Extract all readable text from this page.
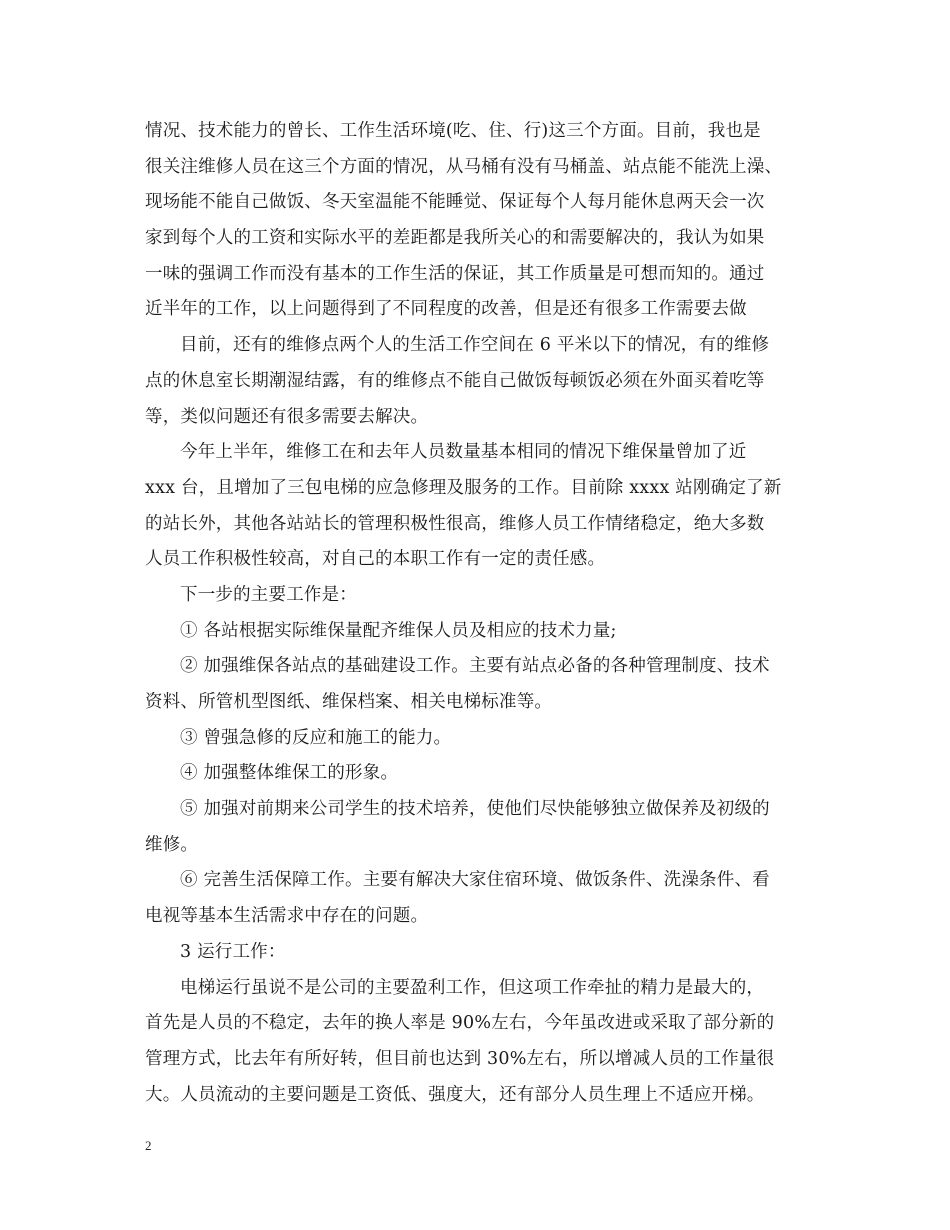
情况、技术能力的曾长、工作生活环境(吃、住、行)这三个方面。目前，我也是
很关注维修人员在这三个方面的情况，从马桶有没有马桶盖、站点能不能洗上澡、
现场能不能自己做饭、冬天室温能不能睡觉、保证每个人每月能休息两天会一次
家到每个人的工资和实际水平的差距都是我所关心的和需要解决的，我认为如果
一味的强调工作而没有基本的工作生活的保证，其工作质量是可想而知的。通过
近半年的工作，以上问题得到了不同程度的改善，但是还有很多工作需要去做
目前，还有的维修点两个人的生活工作空间在 6 平米以下的情况，有的维修
点的休息室长期潮湿结露，有的维修点不能自己做饭每顿饭必须在外面买着吃等
等，类似问题还有很多需要去解决。
今年上半年，维修工在和去年人员数量基本相同的情况下维保量曾加了近
xxx 台，且增加了三包电梯的应急修理及服务的工作。目前除 xxxx 站刚确定了新
的站长外，其他各站站长的管理积极性很高，维修人员工作情绪稳定，绝大多数
人员工作积极性较高，对自己的本职工作有一定的责任感。
下一步的主要工作是：
① 各站根据实际维保量配齐维保人员及相应的技术力量;
② 加强维保各站点的基础建设工作。主要有站点必备的各种管理制度、技术
资料、所管机型图纸、维保档案、相关电梯标准等。
③ 曾强急修的反应和施工的能力。
④ 加强整体维保工的形象。
⑤ 加强对前期来公司学生的技术培养，使他们尽快能够独立做保养及初级的
维修。
⑥ 完善生活保障工作。主要有解决大家住宿环境、做饭条件、洗澡条件、看
电视等基本生活需求中存在的问题。
3 运行工作：
电梯运行虽说不是公司的主要盈利工作，但这项工作牵扯的精力是最大的，
首先是人员的不稳定，去年的换人率是 90%左右，今年虽改进或采取了部分新的
管理方式，比去年有所好转，但目前也达到 30%左右，所以增减人员的工作量很
大。人员流动的主要问题是工资低、强度大，还有部分人员生理上不适应开梯。
2
